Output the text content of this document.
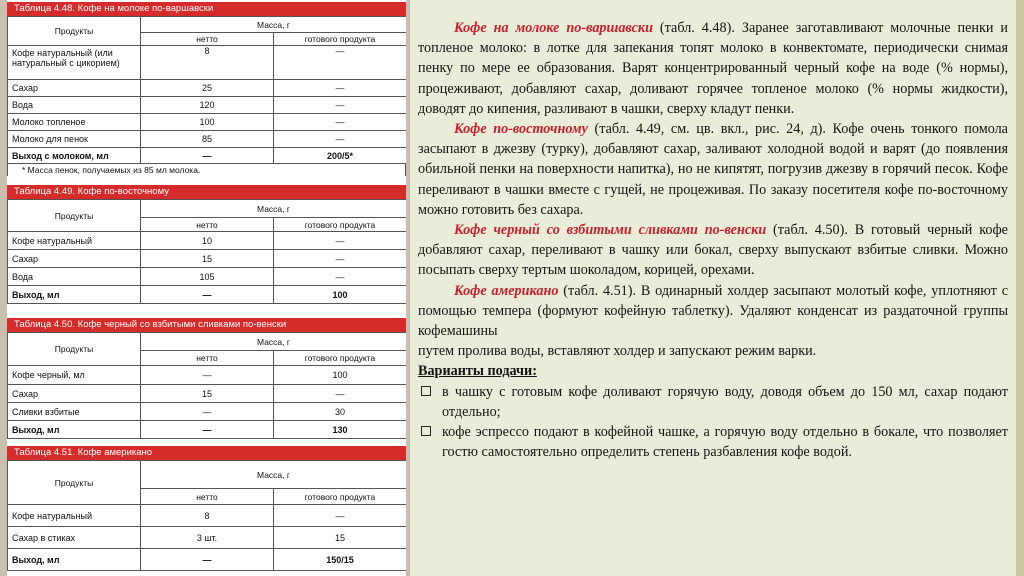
Таблица 4.48. Кофе на молоке по-варшавски
Продукты	Масса, г	
	нетто	готового продукта
Кофе натуральный (или натуральный с цикорием)	8	—
Сахар	25	—
Вода	120	—
Молоко топленое	100	—
Молоко для пенок	85	—
Выход с молоком, мл	—	200/5*
* Масса пенок, получаемых из 85 мл молока.
Таблица 4.49. Кофе по-восточному
Продукты	Масса, г	
	нетто	готового продукта
Кофе натуральный	10	—
Сахар	15	—
Вода	105	—
Выход, мл	—	100
Таблица 4.50. Кофе черный со взбитыми сливками по-венски
Продукты	Масса, г	
	нетто	готового продукта
Кофе черный, мл	—	100
Сахар	15	—
Сливки взбитые	—	30
Выход, мл	—	130
Таблица 4.51. Кофе американо
Продукты	Масса, г	
	нетто	готового продукта
Кофе натуральный	8	—
Сахар в стиках	3 шт.	15
Выход, мл	—	150/15

Кофе на молоке по-варшавски (табл. 4.48). Заранее заготавливают молочные пенки и топленое молоко: в лотке для запекания топят молоко в конвектомате, периодически снимая пенку по мере ее образования. Варят концентрированный черный кофе на воде (% нормы), процеживают, добавляют сахар, доливают горячее топленое молоко (% нормы жидкости), доводят до кипения, разливают в чашки, сверху кладут пенки.

Кофе по-восточному (табл. 4.49, см. цв. вкл., рис. 24, д). Кофе очень тонкого помола засыпают в джезву (турку), добавляют сахар, заливают холодной водой и варят (до появления обильной пенки на поверхности напитка), но не кипятят, погрузив джезву в горячий песок. Кофе переливают в чашки вместе с гущей, не процеживая. По заказу посетителя кофе по-восточному можно готовить без сахара.

Кофе черный со взбитыми сливками по-венски (табл. 4.50). В готовый черный кофе добавляют сахар, переливают в чашку или бокал, сверху выпускают взбитые сливки. Можно посыпать сверху тертым шоколадом, корицей, орехами.

Кофе американо (табл. 4.51). В одинарный холдер засыпают молотый кофе, уплотняют с помощью темпера (формуют кофейную таблетку). Удаляют конденсат из раздаточной группы кофемашины

путем пролива воды, вставляют холдер и запускают режим варки.

Варианты подачи:

в чашку с готовым кофе доливают горячую воду, доводя объем до 150 мл, сахар подают отдельно;

кофе эспрессо подают в кофейной чашке, а горячую воду отдельно в бокале, что позволяет гостю самостоятельно определить степень разбавления кофе водой.
